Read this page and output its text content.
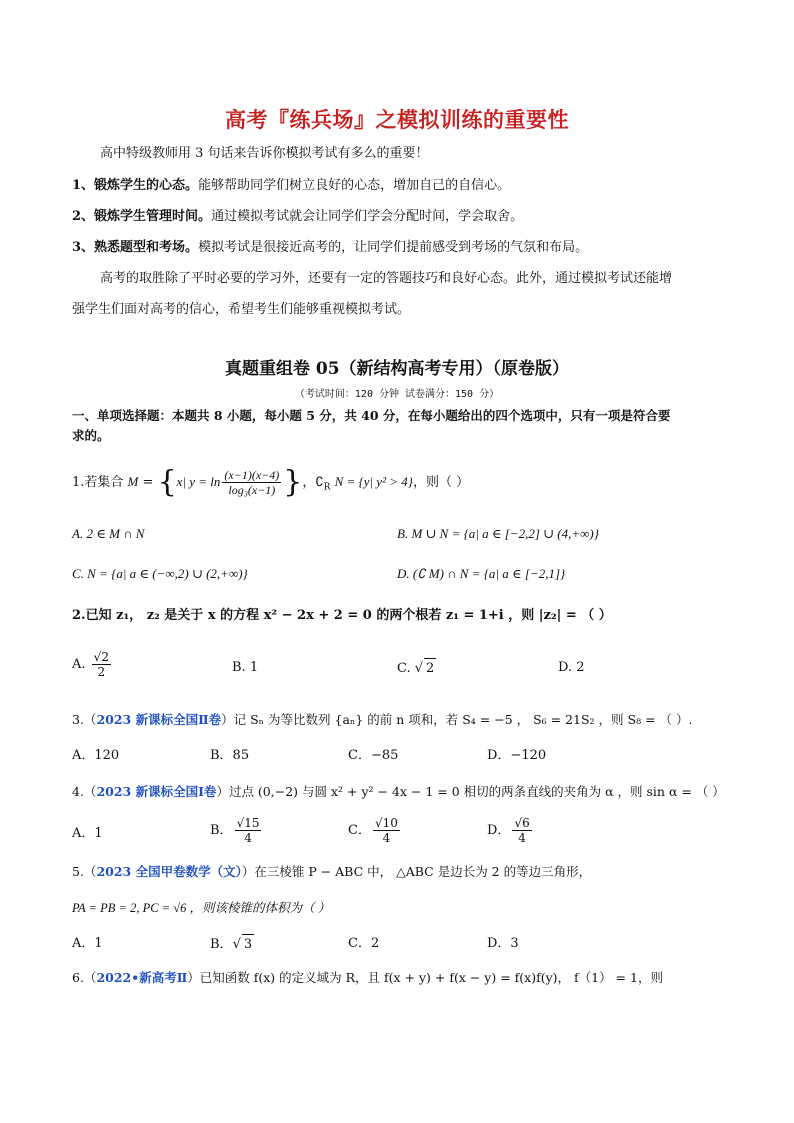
高考『练兵场』之模拟训练的重要性
高中特级教师用 3 句话来告诉你模拟考试有多么的重要！
1、锻炼学生的心态。能够帮助同学们树立良好的心态，增加自己的自信心。
2、锻炼学生管理时间。通过模拟考试就会让同学们学会分配时间，学会取舍。
3、熟悉题型和考场。模拟考试是很接近高考的，让同学们提前感受到考场的气氛和布局。
高考的取胜除了平时必要的学习外，还要有一定的答题技巧和良好心态。此外，通过模拟考试还能增
强学生们面对高考的信心，希望考生们能够重视模拟考试。
真题重组卷 05（新结构高考专用）（原卷版）
（考试时间：120 分钟 试卷满分：150 分）
一、单项选择题：本题共 8 小题，每小题 5 分，共 40 分，在每小题给出的四个选项中，只有一项是符合要
求的。
1.若集合 M = {x| $y = \ln \frac{(x-1)(x-4)}{\text{log₃(x−1)}}$ }，$∁_R$ N = {y| y² > 4}，则（ ）
A. 2 ∈ M ∩ N	B. M ∪ N = {a| a ∈ [−2,2] ∪ (4,+∞)}
C. N = {a| a ∈ (−∞,2) ∪ (2,+∞)}	D. (∁ M) ∩ N = {a| a ∈ [−2,1]}
2.已知 z₁， z₂ 是关于 x 的方程 x² − 2x + 2 = 0 的两个根若 z₁ = 1+i ，则 |z₂| = （ ）
A. $\frac{√2}{2}$	B. 1	C. √ 2	D. 2
3.（2023 新课标全国Ⅱ卷）记 Sₙ 为等比数列 {aₙ} 的前 n 项和，若 S₄ = −5 ， S₆ = 21S₂ ，则 S₈ = （ ）.
A．120	B．85	C．−85	D．−120
4.（2023 新课标全国Ⅰ卷）过点 (0,−2) 与圆 x² + y² − 4x − 1 = 0 相切的两条直线的夹角为 α ，则 sin α = （ ）
A．1	B． $\frac{√15}{4}$	C． $\frac{√10}{4}$	D． $\frac{√6}{4}$
5.（2023 全国甲卷数学（文））在三棱锥 P − ABC 中， △ABC 是边长为 2 的等边三角形，
PA = PB = 2, PC = √6 ，则该棱锥的体积为（ ）
A．1	B．√ 3	C．2	D．3
6.（2022•新高考Ⅱ）已知函数 f(x) 的定义域为 R，且 f(x + y) + f(x − y) = f(x)f(y)， f（1） = 1，则
